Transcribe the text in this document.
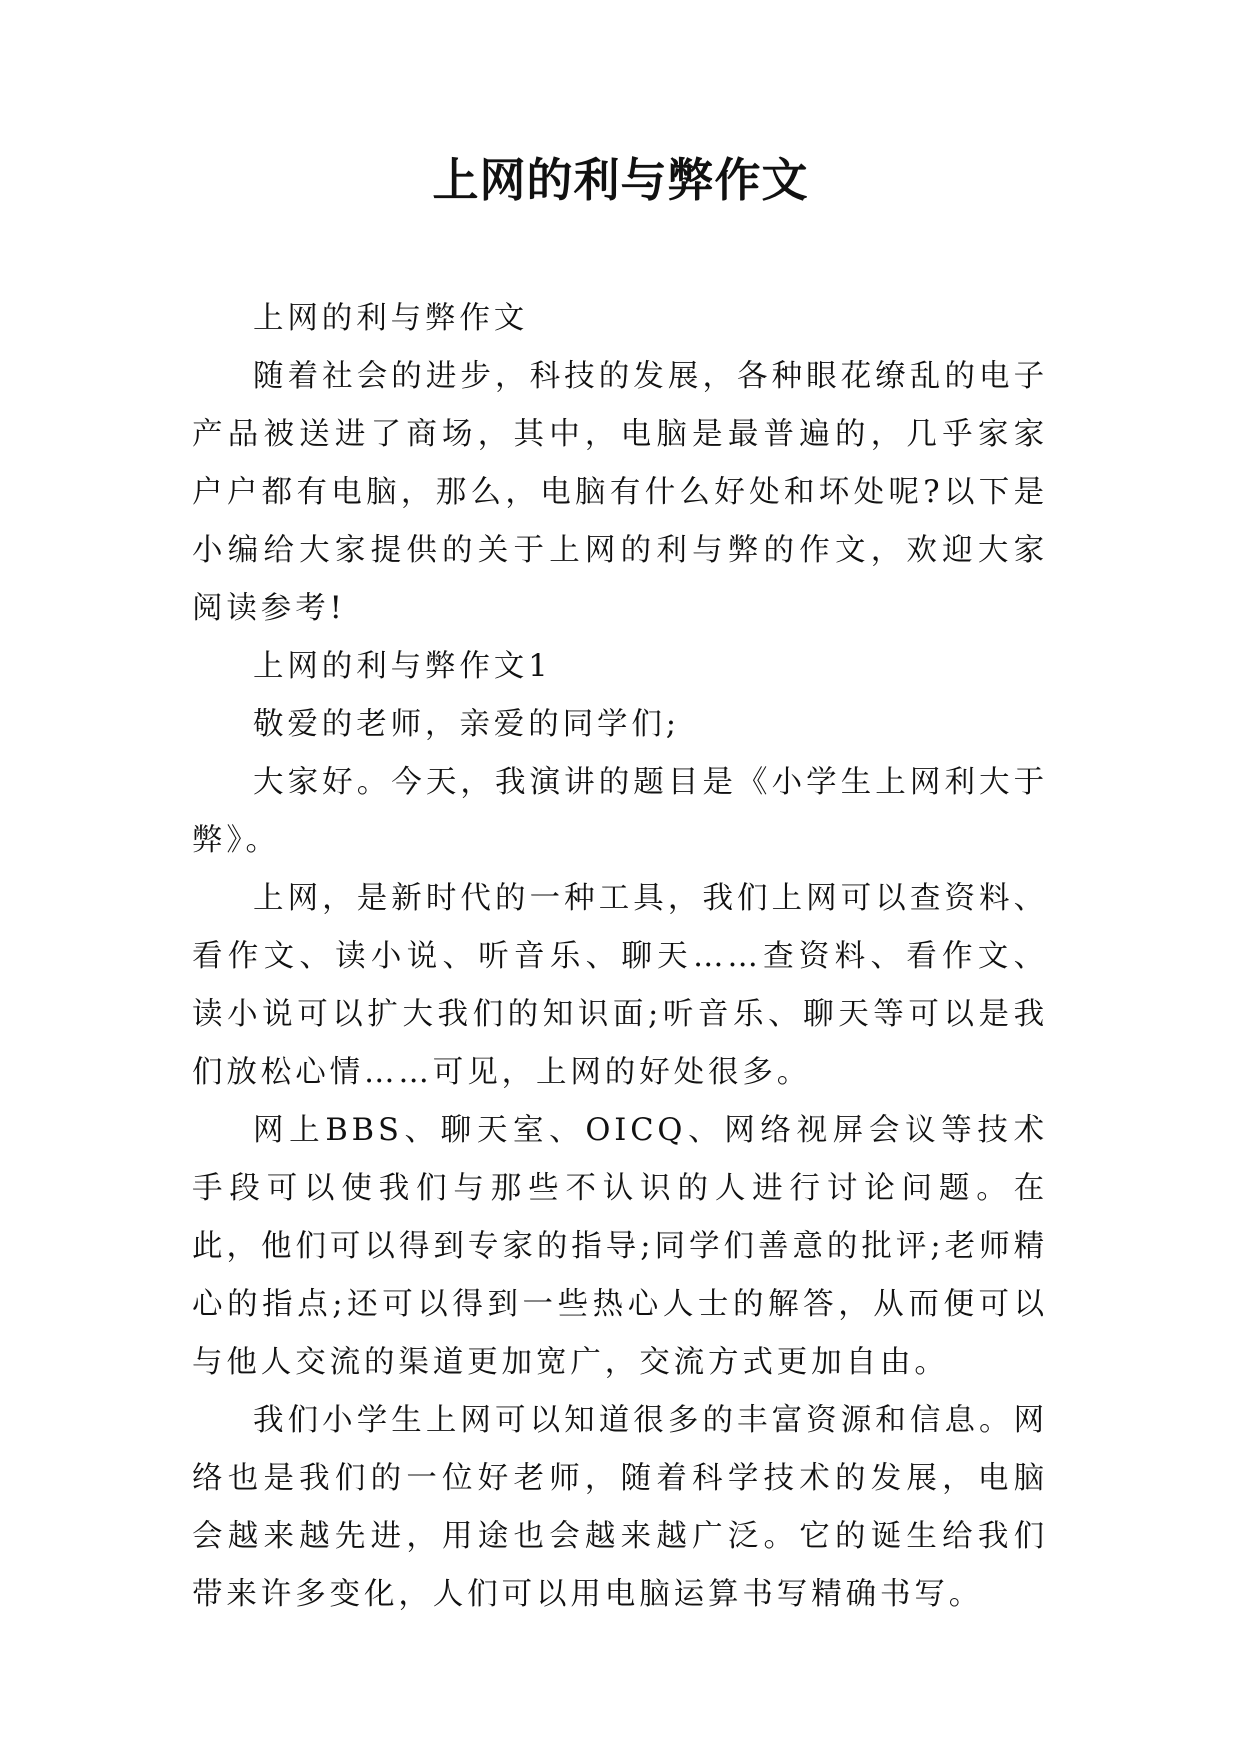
上网的利与弊作文

上网的利与弊作文

随着社会的进步，科技的发展，各种眼花缭乱的电子产品被送进了商场，其中，电脑是最普遍的，几乎家家户户都有电脑，那么，电脑有什么好处和坏处呢?以下是小编给大家提供的关于上网的利与弊的作文，欢迎大家阅读参考!

上网的利与弊作文1

敬爱的老师，亲爱的同学们;

大家好。今天，我演讲的题目是《小学生上网利大于弊》。

上网，是新时代的一种工具，我们上网可以查资料、看作文、读小说、听音乐、聊天……查资料、看作文、读小说可以扩大我们的知识面;听音乐、聊天等可以是我们放松心情……可见，上网的好处很多。

网上BBS、聊天室、OICQ、网络视屏会议等技术手段可以使我们与那些不认识的人进行讨论问题。在此，他们可以得到专家的指导;同学们善意的批评;老师精心的指点;还可以得到一些热心人士的解答，从而便可以与他人交流的渠道更加宽广，交流方式更加自由。

我们小学生上网可以知道很多的丰富资源和信息。网络也是我们的一位好老师，随着科学技术的发展，电脑会越来越先进，用途也会越来越广泛。它的诞生给我们带来许多变化，人们可以用电脑运算书写精确书写。
